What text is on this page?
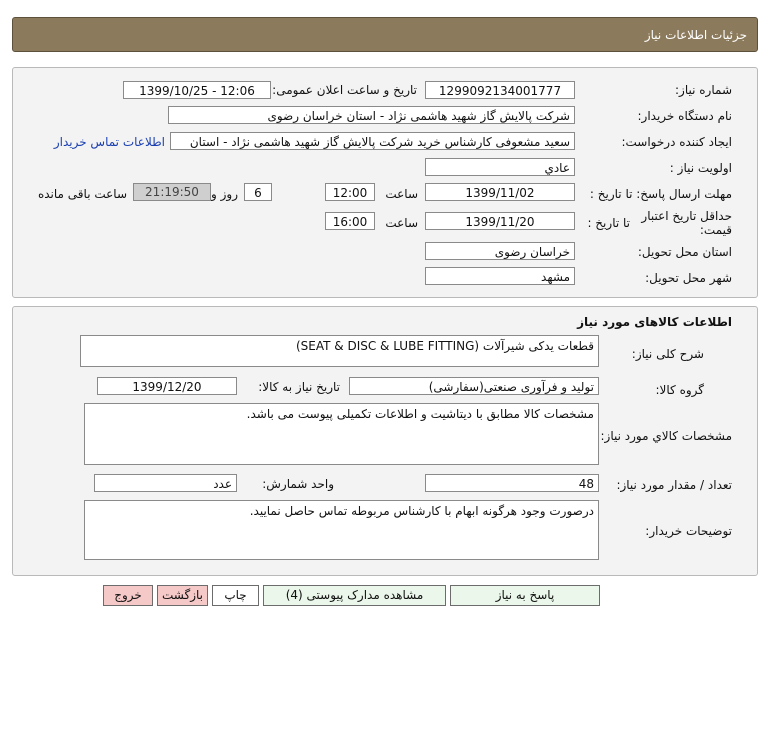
جزئیات اطلاعات نیاز
شماره نیاز:
1299092134001777
تاریخ و ساعت اعلان عمومی:
1399/10/25 - 12:06
نام دستگاه خریدار:
شرکت پالایش گاز شهید هاشمی نژاد - استان خراسان رضوی
ایجاد کننده درخواست:
سعید مشعوفی کارشناس خرید شرکت پالایش گاز شهید هاشمی نژاد - استان
اطلاعات تماس خریدار
اولویت نیاز :
عادي
مهلت ارسال پاسخ: تا تاریخ :
1399/11/02
ساعت
12:00
6
روز و
21:19:50
ساعت باقی مانده
حداقل تاریخ اعتبار قیمت:
تا تاریخ :
1399/11/20
ساعت
16:00
استان محل تحویل:
خراسان رضوی
شهر محل تحویل:
مشهد
اطلاعات کالاهای مورد نیاز
شرح کلی نیاز:
قطعات یدکی شیرآلات (SEAT & DISC & LUBE FITTING)
گروه کالا:
تولید و فرآوری صنعتی(سفارشی)
تاریخ نیاز به کالا:
1399/12/20
مشخصات کالاي مورد نیاز:
مشخصات کالا مطابق با دیتاشیت و اطلاعات تکمیلی پیوست می باشد.
تعداد / مقدار مورد نیاز:
48
واحد شمارش:
عدد
توضیحات خریدار:
درصورت وجود هرگونه ابهام با کارشناس مربوطه تماس حاصل نمایید.
پاسخ به نیاز
مشاهده مدارک پیوستی (4)
چاپ
بازگشت
خروج
